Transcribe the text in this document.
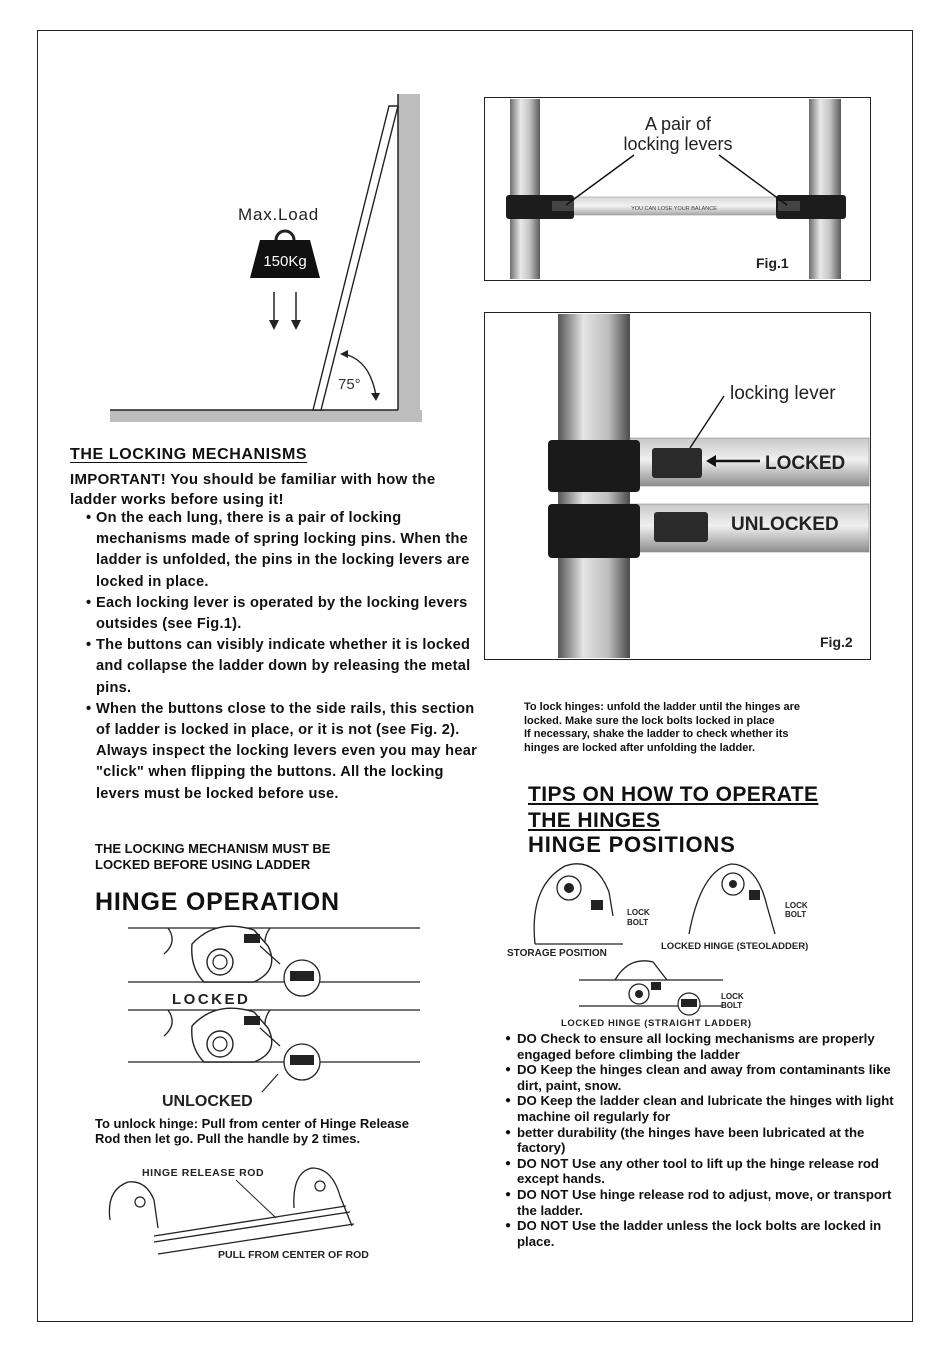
Max.Load
150Kg
75°
YOU CAN LOSE YOUR BALANCE
A pair of
locking levers
Fig.1
LOCKED
UNLOCKED
locking lever
Fig.2
THE LOCKING MECHANISMS
IMPORTANT! You should be familiar with how the ladder works before using it!
• On the each lung, there is a pair of locking mechanisms made of spring locking pins. When the ladder is unfolded, the pins in the locking levers are locked in place.
• Each locking lever is operated by the locking levers outsides (see Fig.1).
• The buttons can visibly indicate whether it is locked and collapse the ladder down by releasing the metal pins.
• When the buttons close to the side rails, this section of ladder is locked in place, or it is not (see Fig. 2).
Always inspect the locking levers even you may hear "click" when flipping the buttons. All the locking levers must be locked before use.
THE LOCKING MECHANISM MUST BE LOCKED BEFORE USING LADDER
HINGE OPERATION
LOCKED
UNLOCKED
To unlock hinge: Pull from center of Hinge Release Rod then let go. Pull the handle by 2 times.
HINGE RELEASE ROD
PULL FROM CENTER OF ROD
To lock hinges: unfold the ladder until the hinges are locked. Make sure the lock bolts locked in place
If necessary, shake the ladder to check whether its hinges are locked after unfolding the ladder.
TIPS ON HOW TO OPERATE
THE HINGES
HINGE POSITIONS
LOCK
BOLT
STORAGE POSITION
LOCK
BOLT
LOCKED HINGE (STEOLADDER)
LOCK
BOLT
LOCKED HINGE (STRAIGHT LADDER)
● DO Check to ensure all locking mechanisms are properly engaged before climbing the ladder
● DO Keep the hinges clean and away from contaminants like dirt, paint, snow.
● DO Keep the ladder clean and lubricate the hinges with light machine oil regularly for
● better durability (the hinges have been lubricated at the factory)
● DO NOT Use any other tool to lift up the hinge release rod except hands.
● DO NOT Use hinge release rod to adjust, move, or transport the ladder.
● DO NOT Use the ladder unless the lock bolts are locked in place.
